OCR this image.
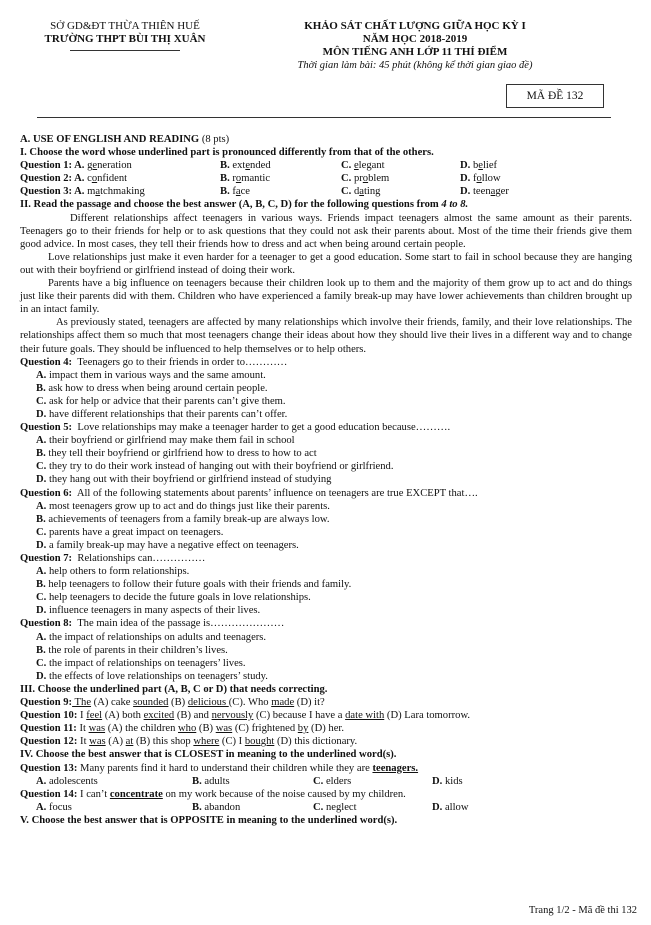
SỞ GD&ĐT THỪA THIÊN HUẾ
TRƯỜNG THPT BÙI THỊ XUÂN
KHẢO SÁT CHẤT LƯỢNG GIỮA HỌC KỲ I
NĂM HỌC 2018-2019
MÔN TIẾNG ANH LỚP 11 THÍ ĐIỂM
Thời gian làm bài: 45 phút (không kể thời gian giao đề)
MÃ ĐỀ 132
A. USE OF ENGLISH AND READING (8 pts)
I. Choose the word whose underlined part is pronounced differently from that of the others.
Question 1: A. generation	B. extended	C. elegant	D. belief
Question 2: A. confident	B. romantic	C. problem	D. follow
Question 3: A. matchmaking	B. face	C. dating	D. teenager
II. Read the passage and choose the best answer (A, B, C, D) for the following questions from 4 to 8.
Different relationships affect teenagers in various ways. Friends impact teenagers almost the same amount as their parents. Teenagers go to their friends for help or to ask questions that they could not ask their parents about. Most of the time their friends give them good advice. In most cases, they tell their friends how to dress and act when being around certain people.
Love relationships just make it even harder for a teenager to get a good education. Some start to fail in school because they are hanging out with their boyfriend or girlfriend instead of doing their work.
Parents have a big influence on teenagers because their children look up to them and the majority of them grow up to act and do things just like their parents did with them. Children who have experienced a family break-up may have lower achievements than children brought up in an intact family.
As previously stated, teenagers are affected by many relationships which involve their friends, family, and their love relationships. The relationships affect them so much that most teenagers change their ideas about how they should live their lives in a different way and to change their future goals. They should be influenced to help themselves or to help others.
Question 4: Teenagers go to their friends in order to…………
A. impact them in various ways and the same amount.
B. ask how to dress when being around certain people.
C. ask for help or advice that their parents can’t give them.
D. have different relationships that their parents can’t offer.
Question 5: Love relationships may make a teenager harder to get a good education because……….
A. their boyfriend or girlfriend may make them fail in school
B. they tell their boyfriend or girlfriend how to dress to how to act
C. they try to do their work instead of hanging out with their boyfriend or girlfriend.
D. they hang out with their boyfriend or girlfriend instead of studying
Question 6: All of the following statements about parents’ influence on teenagers are true EXCEPT that….
A. most teenagers grow up to act and do things just like their parents.
B. achievements of teenagers from a family break-up are always low.
C. parents have a great impact on teenagers.
D. a family break-up may have a negative effect on teenagers.
Question 7: Relationships can……………
A. help others to form relationships.
B. help teenagers to follow their future goals with their friends and family.
C. help teenagers to decide the future goals in love relationships.
D. influence teenagers in many aspects of their lives.
Question 8: The main idea of the passage is…………………
A. the impact of relationships on adults and teenagers.
B. the role of parents in their children’s lives.
C. the impact of relationships on teenagers’ lives.
D. the effects of love relationships on teenagers’ study.
III. Choose the underlined part (A, B, C or D) that needs correcting.
Question 9: The (A) cake sounded (B) delicious (C). Who made (D) it?
Question 10: I feel (A) both excited (B) and nervously (C) because I have a date with (D) Lara tomorrow.
Question 11: It was (A) the children who (B) was (C) frightened by (D) her.
Question 12: It was (A) at (B) this shop where (C) I bought (D) this dictionary.
IV. Choose the best answer that is CLOSEST in meaning to the underlined word(s).
Question 13: Many parents find it hard to understand their children while they are teenagers.
A. adolescents	B. adults	C. elders	D. kids
Question 14: I can’t concentrate on my work because of the noise caused by my children.
A. focus	B. abandon	C. neglect	D. allow
V. Choose the best answer that is OPPOSITE in meaning to the underlined word(s).
Trang 1/2 - Mã đề thi 132
